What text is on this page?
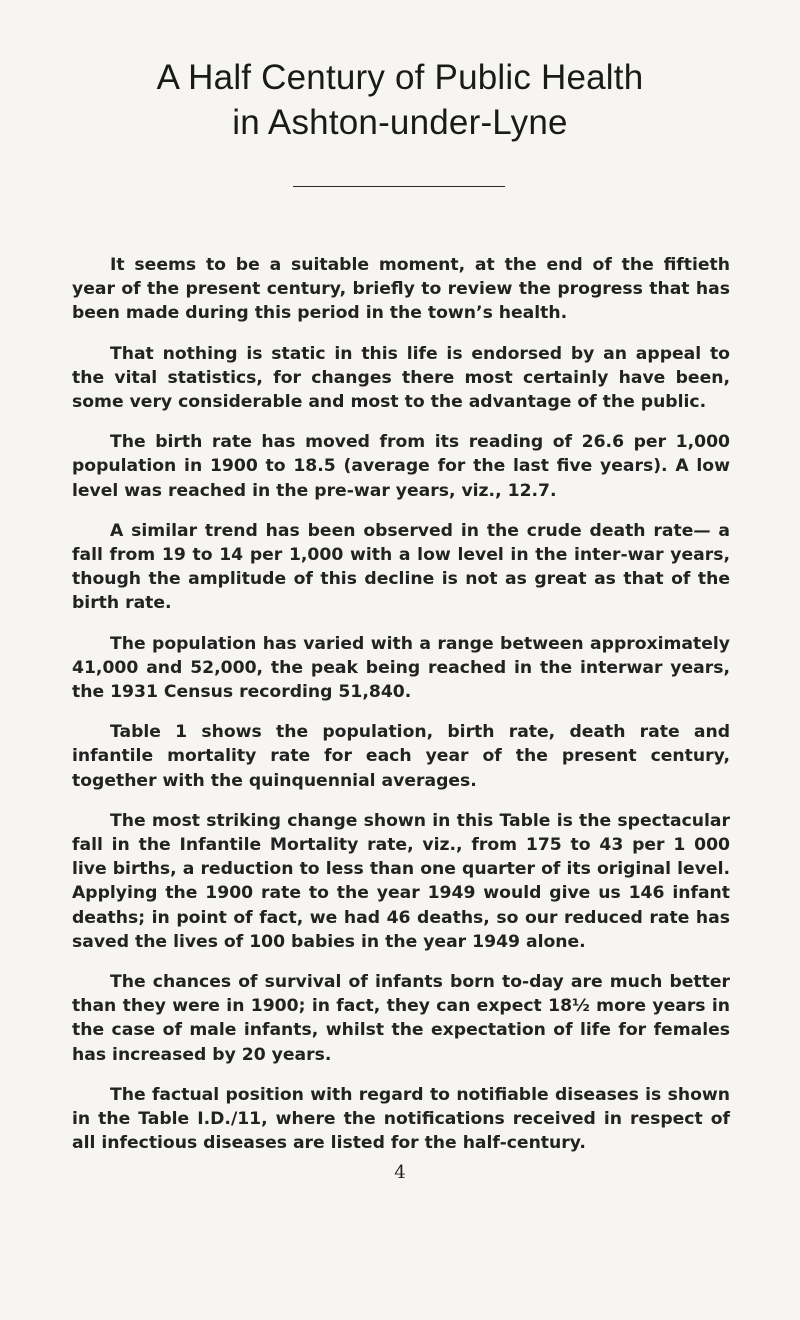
A Half Century of Public Health
in Ashton-under-Lyne

It seems to be a suitable moment, at the end of the fiftieth year of the present century, briefly to review the progress that has been made during this period in the town’s health.

That nothing is static in this life is endorsed by an appeal to the vital statistics, for changes there most certainly have been, some very considerable and most to the advantage of the public.

The birth rate has moved from its reading of 26.6 per 1,000 population in 1900 to 18.5 (average for the last five years). A low level was reached in the pre-war years, viz., 12.7.

A similar trend has been observed in the crude death rate— a fall from 19 to 14 per 1,000 with a low level in the inter-war years, though the amplitude of this decline is not as great as that of the birth rate.

The population has varied with a range between approximately 41,000 and 52,000, the peak being reached in the interwar years, the 1931 Census recording 51,840.

Table 1 shows the population, birth rate, death rate and infantile mortality rate for each year of the present century, together with the quinquennial averages.

The most striking change shown in this Table is the spectacular fall in the Infantile Mortality rate, viz., from 175 to 43 per 1 000 live births, a reduction to less than one quarter of its original level. Applying the 1900 rate to the year 1949 would give us 146 infant deaths; in point of fact, we had 46 deaths, so our reduced rate has saved the lives of 100 babies in the year 1949 alone.

The chances of survival of infants born to-day are much better than they were in 1900; in fact, they can expect 18½ more years in the case of male infants, whilst the expectation of life for females has increased by 20 years.

The factual position with regard to notifiable diseases is shown in the Table I.D./11, where the notifications received in respect of all infectious diseases are listed for the half-century.

4
